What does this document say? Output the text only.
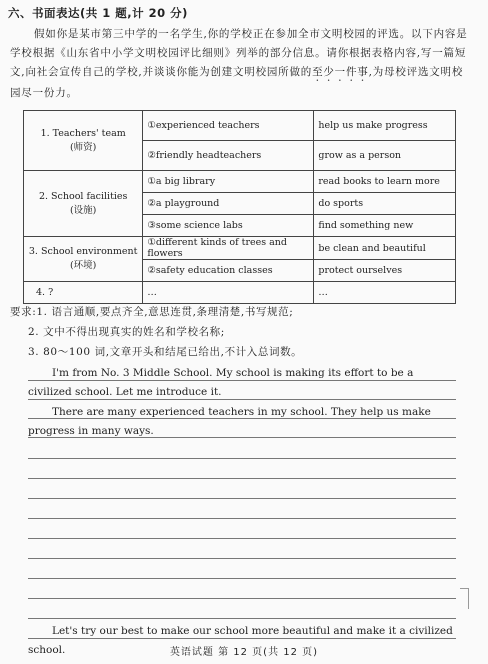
六、书面表达(共 1 题,计 20 分)

假如你是某市第三中学的一名学生,你的学校正在参加全市文明校园的评选。以下内容是学校根据《山东省中小学文明校园评比细则》列举的部分信息。请你根据表格内容,写一篇短文,向社会宣传自己的学校,并谈谈你能为创建文明校园所做的至少一件事,为母校评选文明校园尽一份力。

1. Teachers' team
(师资)	①experienced teachers	help us make progress
	②friendly headteachers	grow as a person
2. School facilities
(设施)	①a big library	read books to learn more
	②a playground	do sports
	③some science labs	find something new
3. School environment
(环境)	①different kinds of trees and flowers	be clean and beautiful
	②safety education classes	protect ourselves
4. ?	…	…
要求:1. 语言通顺,要点齐全,意思连贯,条理清楚,书写规范;
2. 文中不得出现真实的姓名和学校名称;
3. 80～100 词,文章开头和结尾已给出,不计入总词数。

I'm from No. 3 Middle School. My school is making its effort to be a civilized school. Let me introduce it.

There are many experienced teachers in my school. They help us make progress in many ways.

Let's try our best to make our school more beautiful and make it a civilized school.	英语试题 第 12 页(共 12 页)
